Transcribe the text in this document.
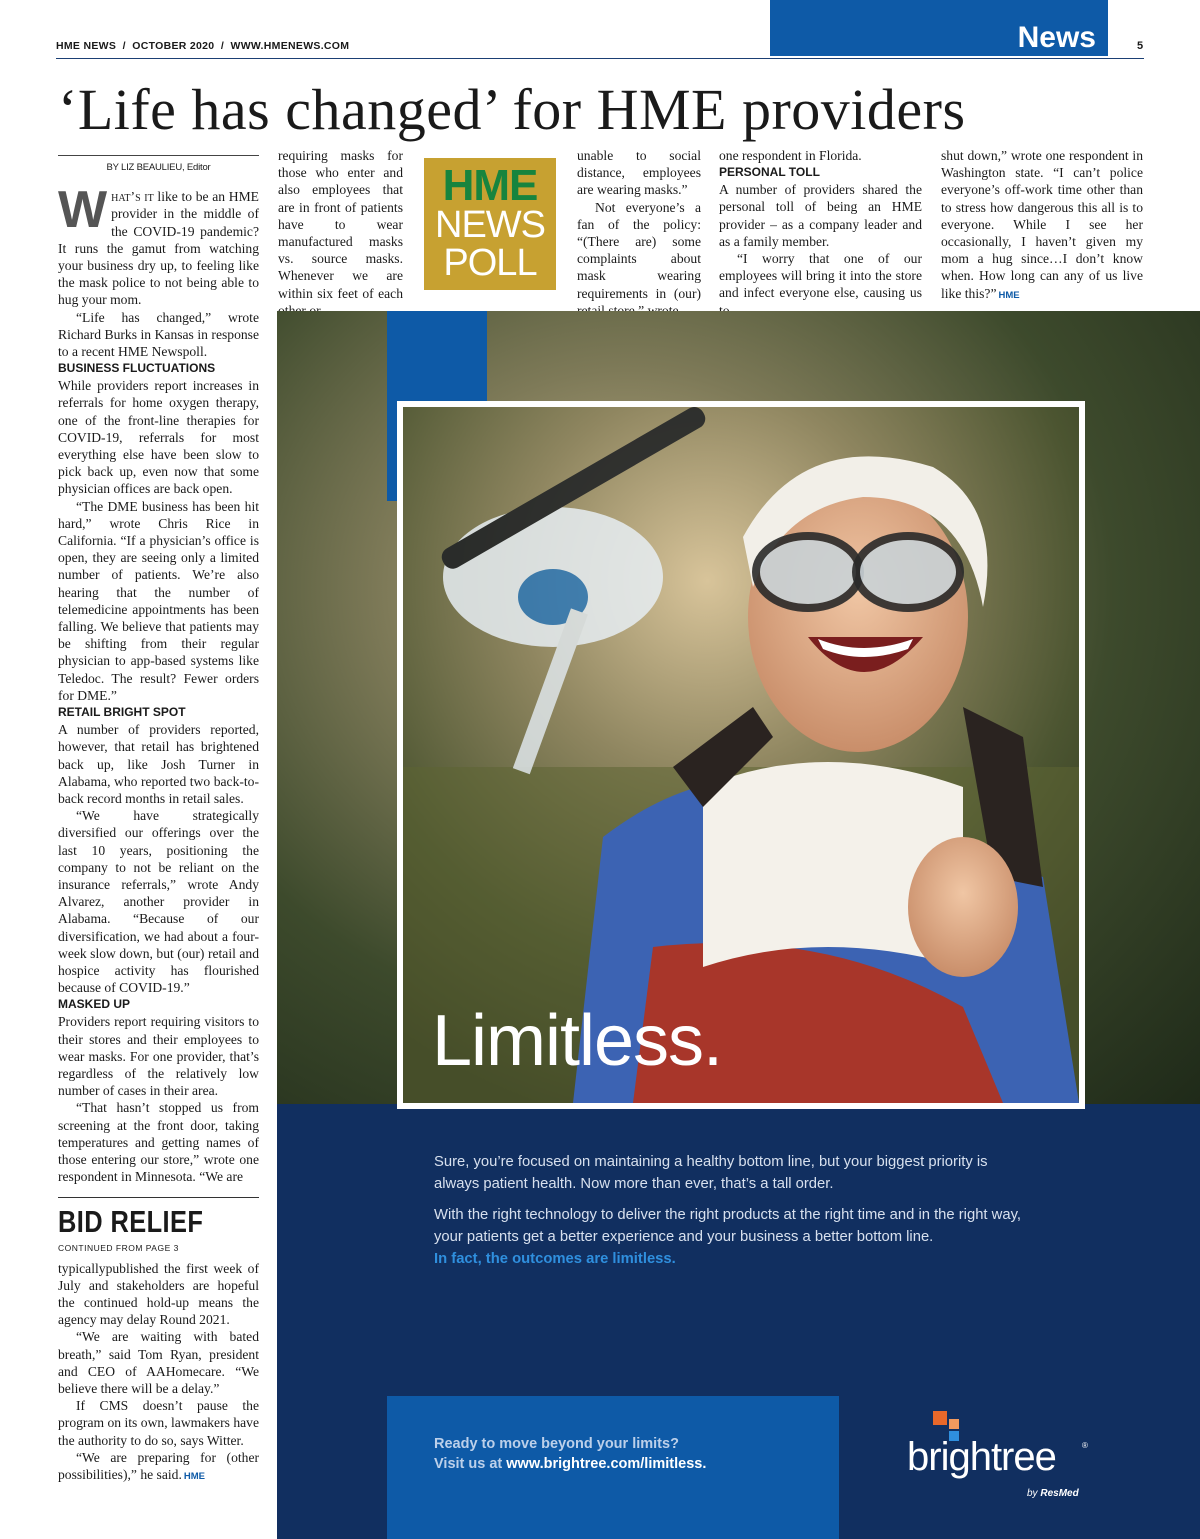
News
HME NEWS  /  OCTOBER 2020  /  WWW.HMENEWS.COM	5
‘Life has changed’ for HME providers
BY LIZ BEAULIEU, Editor

What’s it like to be an HME provider in the middle of the COVID-19 pandemic? It runs the gamut from watching your business dry up, to feeling like the mask police to not being able to hug your mom.

“Life has changed,” wrote Richard Burks in Kansas in response to a recent HME Newspoll.

BUSINESS FLUCTUATIONS

While providers report increases in referrals for home oxygen therapy, one of the front-line therapies for COVID-19, referrals for most everything else have been slow to pick back up, even now that some physician offices are back open.

“The DME business has been hit hard,” wrote Chris Rice in California. “If a physician’s office is open, they are seeing only a limited number of patients. We’re also hearing that the number of telemedicine appointments has been falling. We believe that patients may be shifting from their regular physician to app-based systems like Teledoc. The result? Fewer orders for DME.”

RETAIL BRIGHT SPOT

A number of providers reported, however, that retail has brightened back up, like Josh Turner in Alabama, who reported two back-to-back record months in retail sales.

“We have strategically diversified our offerings over the last 10 years, positioning the company to not be reliant on the insurance referrals,” wrote Andy Alvarez, another provider in Alabama. “Because of our diversification, we had about a four-week slow down, but (our) retail and hospice activity has flourished because of COVID-19.”

MASKED UP

Providers report requiring visitors to their stores and their employees to wear masks. For one provider, that’s regardless of the relatively low number of cases in their area.

“That hasn’t stopped us from screening at the front door, taking temperatures and getting names of those entering our store,” wrote one respondent in Minnesota. “We are

BID RELIEF
CONTINUED FROM PAGE 3

typicallypublished the first week of July and stakeholders are hopeful the continued hold-up means the agency may delay Round 2021.

“We are waiting with bated breath,” said Tom Ryan, president and CEO of AAHomecare. “We believe there will be a delay.”

If CMS doesn’t pause the program on its own, lawmakers have the authority to do so, says Witter.

“We are preparing for (other possibilities),” he said. HME

requiring masks for those who enter and also employees that are in front of patients have to wear manufactured masks vs. source masks. Whenever we are within six feet of each

HME
NEWS
POLL

unable to social distance, employees are wearing masks.”

Not everyone’s a fan of the policy: “(There are) some complaints about mask wearing requirements in (our)

one respondent in Florida.

PERSONAL TOLL

A number of providers shared the personal toll of being an HME provider – as a company leader and as a family member.

“I worry that one of our employees will bring it into the store and infect everyone else, causing us

shut down,” wrote one respondent in Washington state. “I can’t police everyone’s off-work time other than to stress how dangerous this all is to everyone. While I see her occasionally, I haven’t given my mom a hug since…I don’t know when. How long can any of us live like this?” HME

Limitless.

Sure, you’re focused on maintaining a healthy bottom line, but your biggest priority is always patient health. Now more than ever, that’s a tall order.

With the right technology to deliver the right products at the right time and in the right way, your patients get a better experience and your business a better bottom line.
In fact, the outcomes are limitless.

Ready to move beyond your limits?
Visit us at www.brightree.com/limitless.	brightree	®
by ResMed
